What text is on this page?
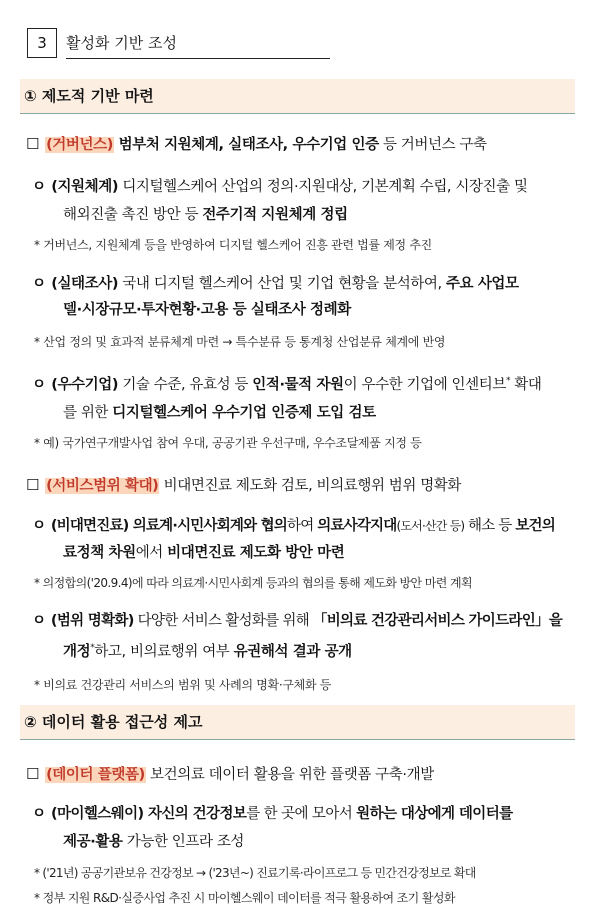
3	활성화 기반 조성
① 제도적 기반 마련
☐ (거버넌스) 범부처 지원체계, 실태조사, 우수기업 인증 등 거버넌스 구축
ㅇ (지원체계) 디지털헬스케어 산업의 정의·지원대상, 기본계획 수립, 시장진출 및
해외진출 촉진 방안 등 전주기적 지원체계 정립
* 거버넌스, 지원체계 등을 반영하여 디지털 헬스케어 진흥 관련 법률 제정 추진
ㅇ (실태조사) 국내 디지털 헬스케어 산업 및 기업 현황을 분석하여, 주요 사업모
델·시장규모·투자현황·고용 등 실태조사 정례화
* 산업 정의 및 효과적 분류체계 마련 → 특수분류 등 통계청 산업분류 체계에 반영
ㅇ (우수기업) 기술 수준, 유효성 등 인적·물적 자원이 우수한 기업에 인센티브* 확대
를 위한 디지털헬스케어 우수기업 인증제 도입 검토
* 예) 국가연구개발사업 참여 우대, 공공기관 우선구매, 우수조달제품 지정 등
☐ (서비스범위 확대) 비대면진료 제도화 검토, 비의료행위 범위 명확화
ㅇ (비대면진료) 의료계·시민사회계와 협의하여 의료사각지대(도서·산간 등) 해소 등 보건의
료정책 차원에서 비대면진료 제도화 방안 마련
* 의정합의('20.9.4)에 따라 의료계·시민사회계 등과의 협의를 통해 제도화 방안 마련 계획
ㅇ (범위 명확화) 다양한 서비스 활성화를 위해 「비의료 건강관리서비스 가이드라인」을
개정*하고, 비의료행위 여부 유권해석 결과 공개
* 비의료 건강관리 서비스의 범위 및 사례의 명확·구체화 등
② 데이터 활용 접근성 제고
☐ (데이터 플랫폼) 보건의료 데이터 활용을 위한 플랫폼 구축·개발
ㅇ (마이헬스웨이) 자신의 건강정보를 한 곳에 모아서 원하는 대상에게 데이터를
제공·활용 가능한 인프라 조성
* ('21년) 공공기관보유 건강정보 → ('23년~) 진료기록·라이프로그 등 민간건강정보로 확대
* 정부 지원 R&D·실증사업 추진 시 마이헬스웨이 데이터를 적극 활용하여 조기 활성화
